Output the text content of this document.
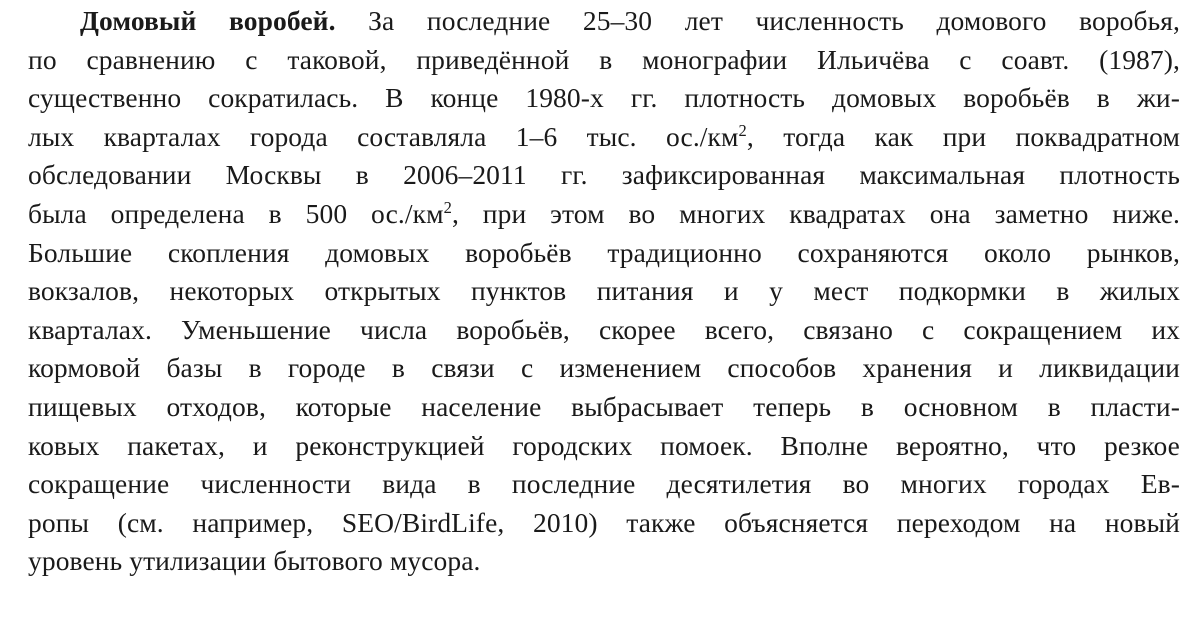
Домовый воробей. За последние 25–30 лет численность домового воробья,
по сравнению с таковой, приведённой в монографии Ильичёва с соавт. (1987),
существенно сократилась. В конце 1980-х гг. плотность домовых воробьёв в жи-
лых кварталах города составляла 1–6 тыс. $ос./км^2$, тогда как при поквадратном
обследовании Москвы в 2006–2011 гг. зафиксированная максимальная плотность
была определена в 500 $ос./км^2$, при этом во многих квадратах она заметно ниже.
Большие скопления домовых воробьёв традиционно сохраняются около рынков,
вокзалов, некоторых открытых пунктов питания и у мест подкормки в жилых
кварталах. Уменьшение числа воробьёв, скорее всего, связано с сокращением их
кормовой базы в городе в связи с изменением способов хранения и ликвидации
пищевых отходов, которые население выбрасывает теперь в основном в пласти-
ковых пакетах, и реконструкцией городских помоек. Вполне вероятно, что резкое
сокращение численности вида в последние десятилетия во многих городах Ев-
ропы (см. например, SEO/BirdLife, 2010) также объясняется переходом на новый
уровень утилизации бытового мусора.
